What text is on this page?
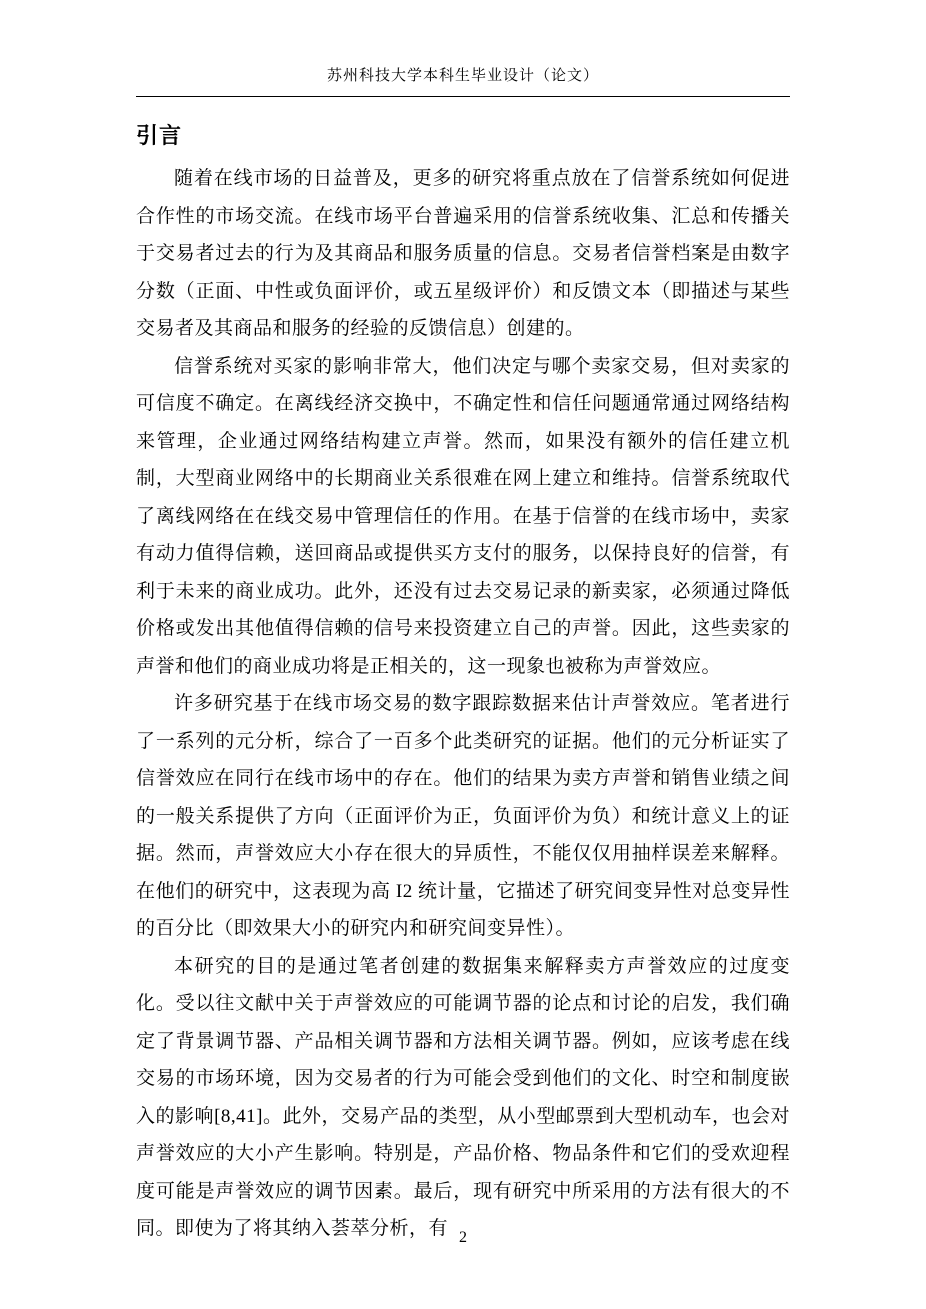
苏州科技大学本科生毕业设计（论文）
引言

随着在线市场的日益普及，更多的研究将重点放在了信誉系统如何促进合作性的市场交流。在线市场平台普遍采用的信誉系统收集、汇总和传播关于交易者过去的行为及其商品和服务质量的信息。交易者信誉档案是由数字分数（正面、中性或负面评价，或五星级评价）和反馈文本（即描述与某些交易者及其商品和服务的经验的反馈信息）创建的。

信誉系统对买家的影响非常大，他们决定与哪个卖家交易，但对卖家的可信度不确定。在离线经济交换中，不确定性和信任问题通常通过网络结构来管理，企业通过网络结构建立声誉。然而，如果没有额外的信任建立机制，大型商业网络中的长期商业关系很难在网上建立和维持。信誉系统取代了离线网络在在线交易中管理信任的作用。在基于信誉的在线市场中，卖家有动力值得信赖，送回商品或提供买方支付的服务，以保持良好的信誉，有利于未来的商业成功。此外，还没有过去交易记录的新卖家，必须通过降低价格或发出其他值得信赖的信号来投资建立自己的声誉。因此，这些卖家的声誉和他们的商业成功将是正相关的，这一现象也被称为声誉效应。

许多研究基于在线市场交易的数字跟踪数据来估计声誉效应。笔者进行了一系列的元分析，综合了一百多个此类研究的证据。他们的元分析证实了信誉效应在同行在线市场中的存在。他们的结果为卖方声誉和销售业绩之间的一般关系提供了方向（正面评价为正，负面评价为负）和统计意义上的证据。然而，声誉效应大小存在很大的异质性，不能仅仅用抽样误差来解释。在他们的研究中，这表现为高 I2 统计量，它描述了研究间变异性对总变异性的百分比（即效果大小的研究内和研究间变异性）。

本研究的目的是通过笔者创建的数据集来解释卖方声誉效应的过度变化。受以往文献中关于声誉效应的可能调节器的论点和讨论的启发，我们确定了背景调节器、产品相关调节器和方法相关调节器。例如，应该考虑在线交易的市场环境，因为交易者的行为可能会受到他们的文化、时空和制度嵌入的影响[8,41]。此外，交易产品的类型，从小型邮票到大型机动车，也会对声誉效应的大小产生影响。特别是，产品价格、物品条件和它们的受欢迎程度可能是声誉效应的调节因素。最后，现有研究中所采用的方法有很大的不同。即使为了将其纳入荟萃分析，有 2
